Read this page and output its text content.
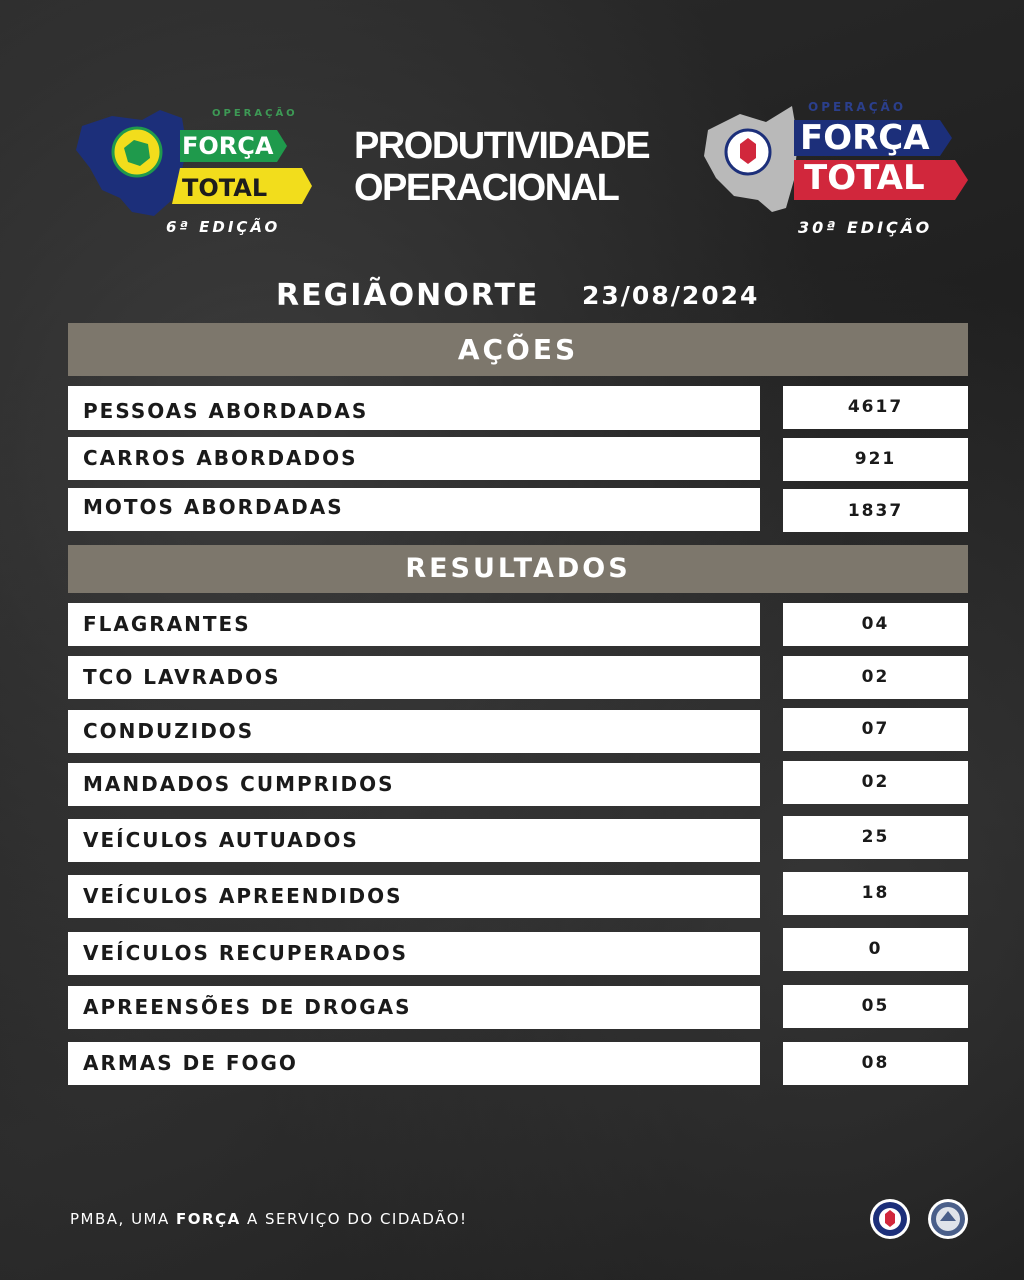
OPERAÇÃO
FORÇA
TOTAL
6ª EDIÇÃO
PRODUTIVIDADE
OPERACIONAL
OPERAÇÃO
FORÇA
TOTAL
30ª EDIÇÃO
REGIÃONORTE 23/08/2024
AÇÕES
PESSOAS ABORDADAS	4617
CARROS ABORDADOS	921
MOTOS ABORDADAS	1837
RESULTADOS
FLAGRANTES	04
TCO LAVRADOS	02
CONDUZIDOS	07
MANDADOS CUMPRIDOS	02
VEÍCULOS AUTUADOS	25
VEÍCULOS APREENDIDOS	18
VEÍCULOS RECUPERADOS	0
APREENSÕES DE DROGAS	05
ARMAS DE FOGO	08
PMBA, UMA FORÇA A SERVIÇO DO CIDADÃO!
